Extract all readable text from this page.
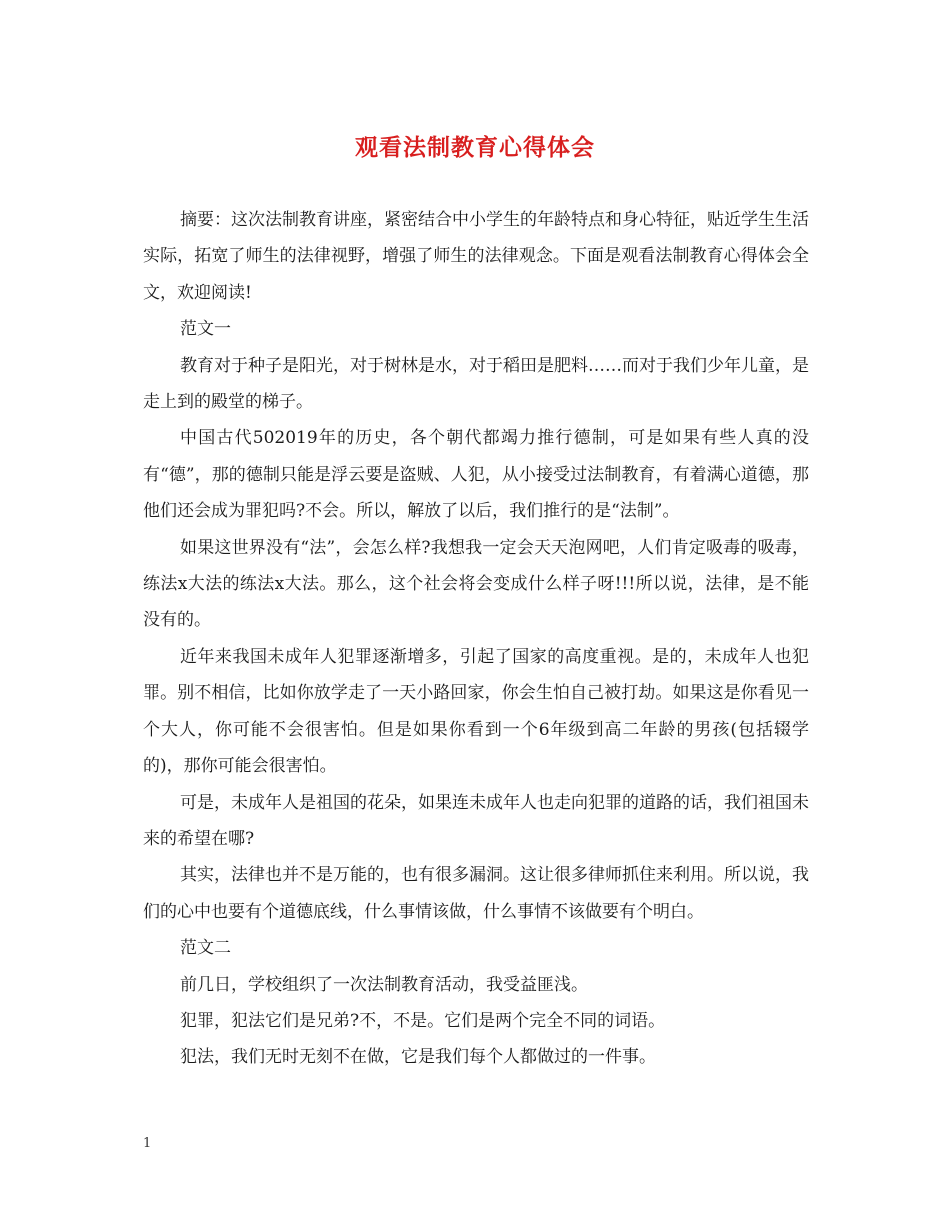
观看法制教育心得体会

摘要：这次法制教育讲座，紧密结合中小学生的年龄特点和身心特征，贴近学生生活实际，拓宽了师生的法律视野，增强了师生的法律观念。下面是观看法制教育心得体会全文，欢迎阅读!

范文一

教育对于种子是阳光，对于树林是水，对于稻田是肥料……而对于我们少年儿童，是走上到的殿堂的梯子。

中国古代502019年的历史，各个朝代都竭力推行德制，可是如果有些人真的没有“德”，那的德制只能是浮云要是盗贼、人犯，从小接受过法制教育，有着满心道德，那他们还会成为罪犯吗?不会。所以，解放了以后，我们推行的是“法制”。

如果这世界没有“法”，会怎么样?我想我一定会天天泡网吧，人们肯定吸毒的吸毒，练法x大法的练法x大法。那么，这个社会将会变成什么样子呀!!!所以说，法律，是不能没有的。

近年来我国未成年人犯罪逐渐增多，引起了国家的高度重视。是的，未成年人也犯罪。别不相信，比如你放学走了一天小路回家，你会生怕自己被打劫。如果这是你看见一个大人，你可能不会很害怕。但是如果你看到一个6年级到高二年龄的男孩(包括辍学的)，那你可能会很害怕。

可是，未成年人是祖国的花朵，如果连未成年人也走向犯罪的道路的话，我们祖国未来的希望在哪?

其实，法律也并不是万能的，也有很多漏洞。这让很多律师抓住来利用。所以说，我们的心中也要有个道德底线，什么事情该做，什么事情不该做要有个明白。

范文二

前几日，学校组织了一次法制教育活动，我受益匪浅。

犯罪，犯法它们是兄弟?不，不是。它们是两个完全不同的词语。

犯法，我们无时无刻不在做，它是我们每个人都做过的一件事。

1
